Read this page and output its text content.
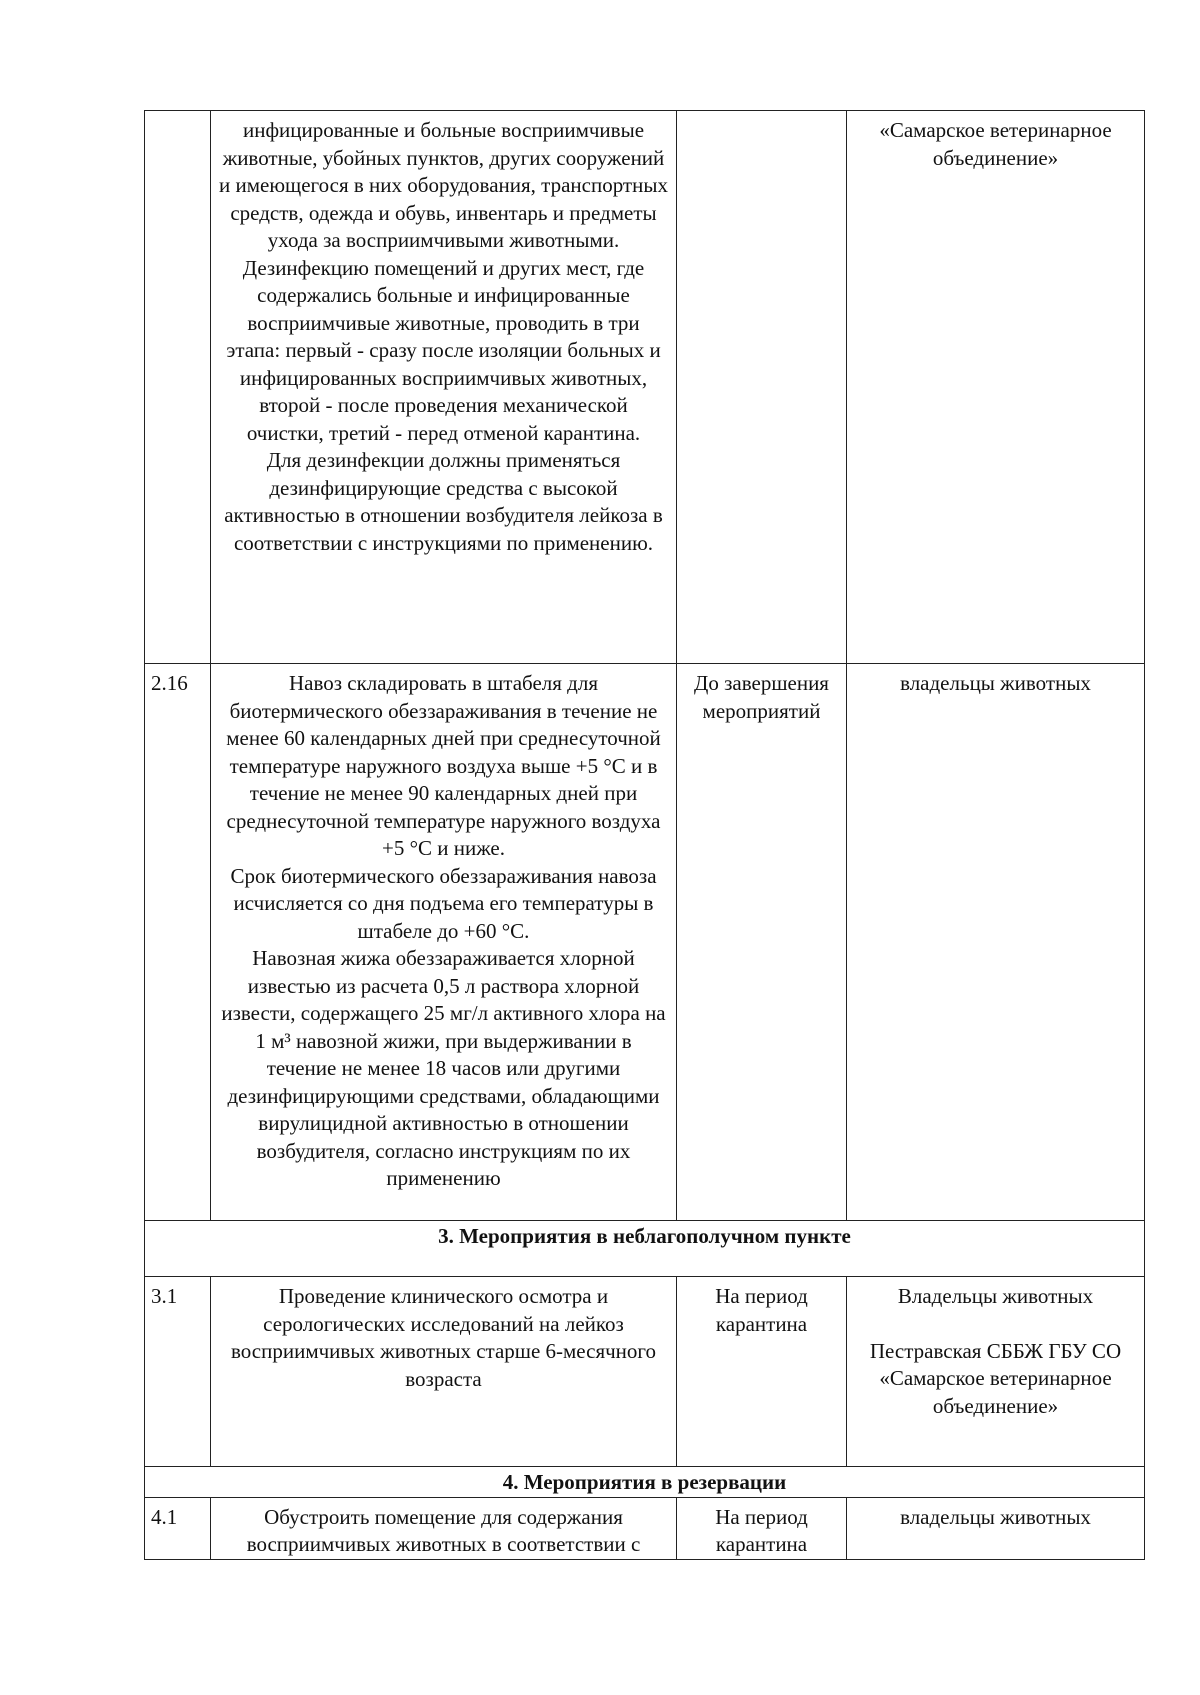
	инфицированные и больные восприимчивые животные, убойных пунктов, других сооружений и имеющегося в них оборудования, транспортных средств, одежда и обувь, инвентарь и предметы ухода за восприимчивыми животными.

Дезинфекцию помещений и других мест, где содержались больные и инфицированные восприимчивые животные, проводить в три этапа: первый - сразу после изоляции больных и инфицированных восприимчивых животных, второй - после проведения механической очистки, третий - перед отменой карантина.

Для дезинфекции должны применяться дезинфицирующие средства с высокой активностью в отношении возбудителя лейкоза в соответствии с инструкциями по применению.		«Самарское ветеринарное объединение»
2.16	Навоз складировать в штабеля для биотермического обеззараживания в течение не менее 60 календарных дней при среднесуточной температуре наружного воздуха выше +5 °С и в течение не менее 90 календарных дней при среднесуточной температуре наружного воздуха +5 °С и ниже.

Срок биотермического обеззараживания навоза исчисляется со дня подъема его температуры в штабеле до +60 °С.

Навозная жижа обеззараживается хлорной известью из расчета 0,5 л раствора хлорной извести, содержащего 25 мг/л активного хлора на 1 м³ навозной жижи, при выдерживании в течение не менее 18 часов или другими дезинфицирующими средствами, обладающими вирулицидной активностью в отношении возбудителя, согласно инструкциям по их применению	До завершения мероприятий	владельцы животных
3. Мероприятия в неблагополучном пункте			
3.1	Проведение клинического осмотра и серологических исследований на лейкоз восприимчивых животных старше 6-месячного возраста	На период карантина	Владельцы животных
Пестравская СББЖ ГБУ СО «Самарское ветеринарное объединение»

4. Мероприятия в резервации			
4.1	Обустроить помещение для содержания восприимчивых животных в соответствии с	На период карантина	владельцы животных
